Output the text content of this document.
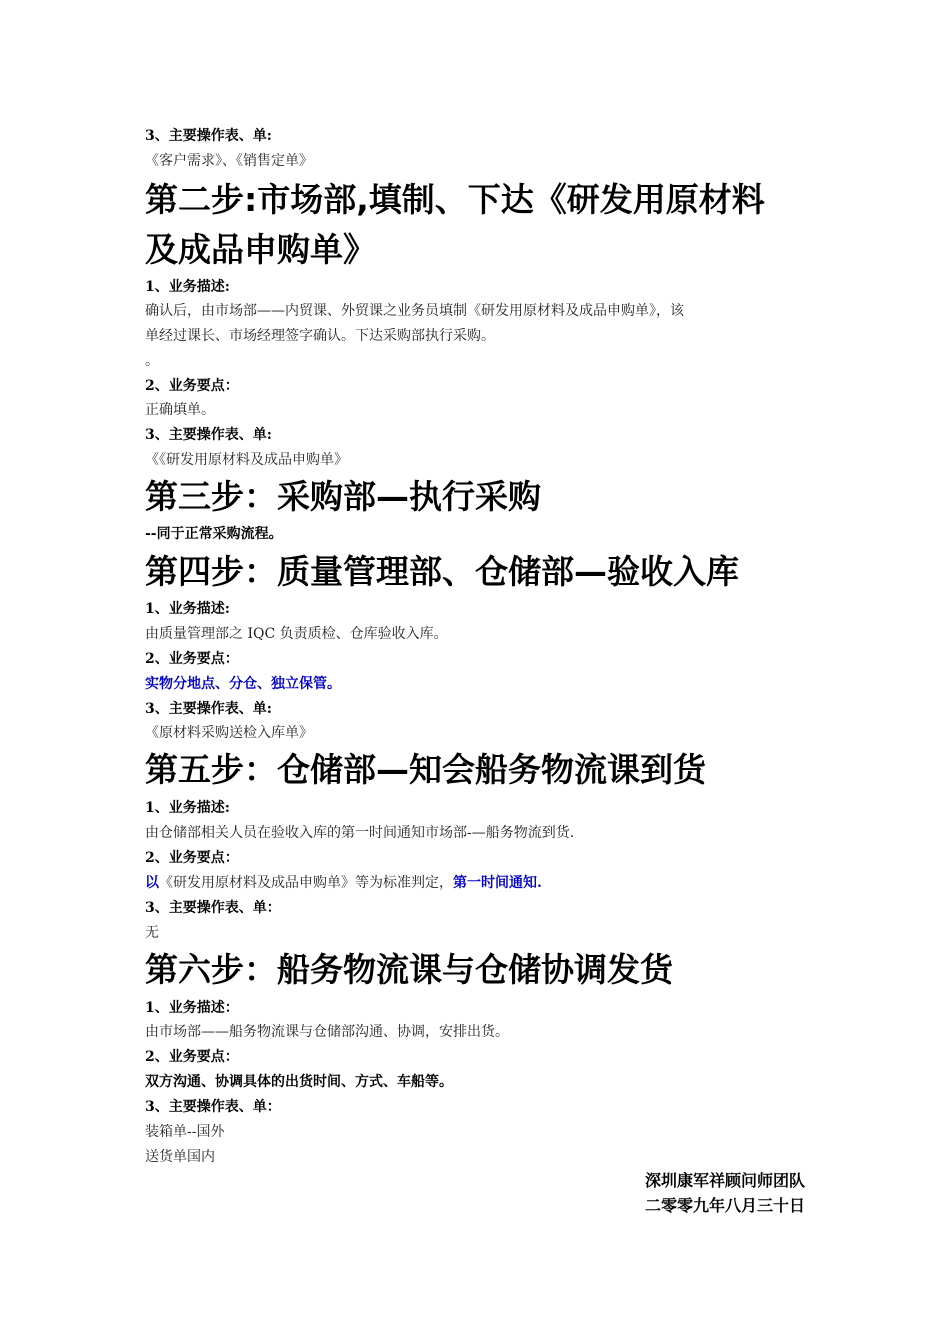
3、主要操作表、单:
《客户需求》、《销售定单》
第二步:市场部,填制、下达《研发用原材料
及成品申购单》
1、业务描述:
确认后，由市场部——内贸课、外贸课之业务员填制《研发用原材料及成品申购单》，该
单经过课长、市场经理签字确认。下达采购部执行采购。
。
2、业务要点：
正确填单。
3、主要操作表、单:
《《研发用原材料及成品申购单》
第三步：采购部—执行采购
--同于正常采购流程。
第四步：质量管理部、仓储部—验收入库
1、业务描述:
由质量管理部之 IQC 负责质检、仓库验收入库。
2、业务要点：
实物分地点、分仓、独立保管。
3、主要操作表、单:
《原材料采购送检入库单》
第五步：仓储部—知会船务物流课到货
1、业务描述:
由仓储部相关人员在验收入库的第一时间通知市场部-—船务物流到货.
2、业务要点：
以《研发用原材料及成品申购单》等为标准判定，第一时间通知.
3、主要操作表、单：
无
第六步：船务物流课与仓储协调发货
1、业务描述：
由市场部——船务物流课与仓储部沟通、协调，安排出货。
2、业务要点：
双方沟通、协调具体的出货时间、方式、车船等。
3、主要操作表、单：
装箱单--国外
送货单国内
深圳康军祥顾问师团队
二零零九年八月三十日
